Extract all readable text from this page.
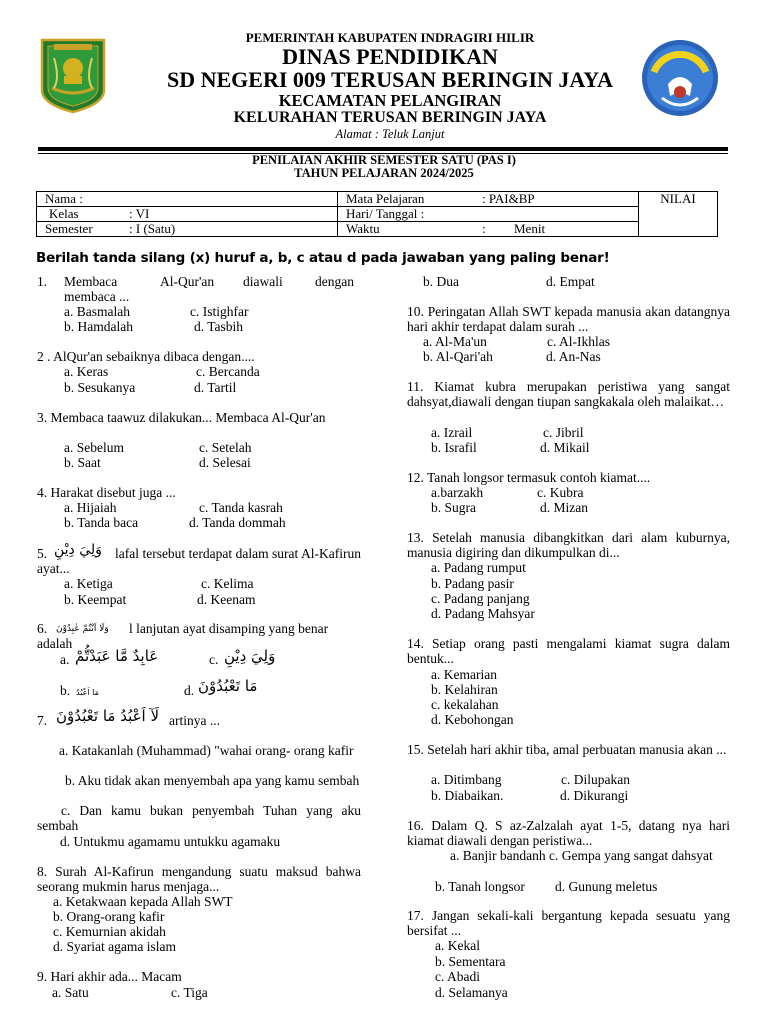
PEMERINTAH KABUPATEN INDRAGIRI HILIR
DINAS PENDIDIKAN
SD NEGERI 009 TERUSAN BERINGIN JAYA
KECAMATAN PELANGIRAN
KELURAHAN TERUSAN BERINGIN JAYA
Alamat : Teluk Lanjut
PENILAIAN AKHIR SEMESTER SATU (PAS I)
TAHUN PELAJARAN 2024/2025
Nama :	Mata Pelajaran : PAI&BP	NILAI
Kelas : VI	Hari/ Tanggal :	
Semester : I (Satu)	Waktu : Menit	
Berilah tanda silang (x) huruf a, b, c atau d pada jawaban yang paling benar!
1. Membaca	Al-Qur'an diawali dengan
membaca ...
a. Basmalah	c. Istighfar
b. Hamdalah	d. Tasbih
2 . AlQur'an sebaiknya dibaca dengan....
a. Keras	c. Bercanda
b. Sesukanya	d. Tartil
3. Membaca taawuz dilakukan... Membaca Al-Qur'an
a. Sebelum	c. Setelah
b. Saat	d. Selesai
4. Harakat disebut juga ...
a. Hijaiah	c. Tanda kasrah
b. Tanda baca	d. Tanda dommah
5. وَلِيَ دِيْنِ lafal tersebut terdapat dalam surat Al-Kafirun ayat...
a. Ketiga	c. Kelima
b. Keempat	d. Keenam
6. وَلَا اَنْتُمْ عٰبِدُوْنَ l lanjutan ayat disamping yang benar
adalah
a. عَابِدٌ مَّا عَبَدْتُّمْ	c. وَلِيَ دِيْنِ
b. مَا اَعْبُدُ	d. مَا تَعْبُدُوْنَ
7. لَآ اَعْبُدُ مَا تَعْبُدُوْنَ artinya ...
a. Katakanlah (Muhammad) "wahai orang- orang kafir
b. Aku tidak akan menyembah apa yang kamu sembah
c. Dan kamu bukan penyembah Tuhan yang aku sembah
d. Untukmu agamamu untukku agamaku
8. Surah Al-Kafirun mengandung suatu maksud bahwa seorang mukmin harus menjaga...
a. Ketakwaan kepada Allah SWT
b. Orang-orang kafir
c. Kemurnian akidah
d. Syariat agama islam
9. Hari akhir ada... Macam
a. Satu	c. Tiga
b. Dua	d. Empat
10. Peringatan Allah SWT kepada manusia akan datangnya hari akhir terdapat dalam surah ...
a. Al-Ma'un	c. Al-Ikhlas
b. Al-Qari'ah	d. An-Nas
11. Kiamat kubra merupakan peristiwa yang sangat dahsyat,diawali dengan tiupan sangkakala oleh malaikat…
a. Izrail	c. Jibril
b. Israfil	d. Mikail
12. Tanah longsor termasuk contoh kiamat....
a.barzakh	c. Kubra
b. Sugra	d. Mizan
13. Setelah manusia dibangkitkan dari alam kuburnya, manusia digiring dan dikumpulkan di...
a. Padang rumput
b. Padang pasir
c. Padang panjang
d. Padang Mahsyar
14. Setiap orang pasti mengalami kiamat sugra dalam bentuk...
a. Kemarian
b. Kelahiran
c. kekalahan
d. Kebohongan
15. Setelah hari akhir tiba, amal perbuatan manusia akan ...
a. Ditimbang	c. Dilupakan
b. Diabaikan.	d. Dikurangi
16. Dalam Q. S az-Zalzalah ayat 1-5, datang nya hari kiamat diawali dengan peristiwa...
a. Banjir bandanh c. Gempa yang sangat dahsyat
b. Tanah longsor d. Gunung meletus
17. Jangan sekali-kali bergantung kepada sesuatu yang bersifat ...
a. Kekal
b. Sementara
c. Abadi
d. Selamanya
